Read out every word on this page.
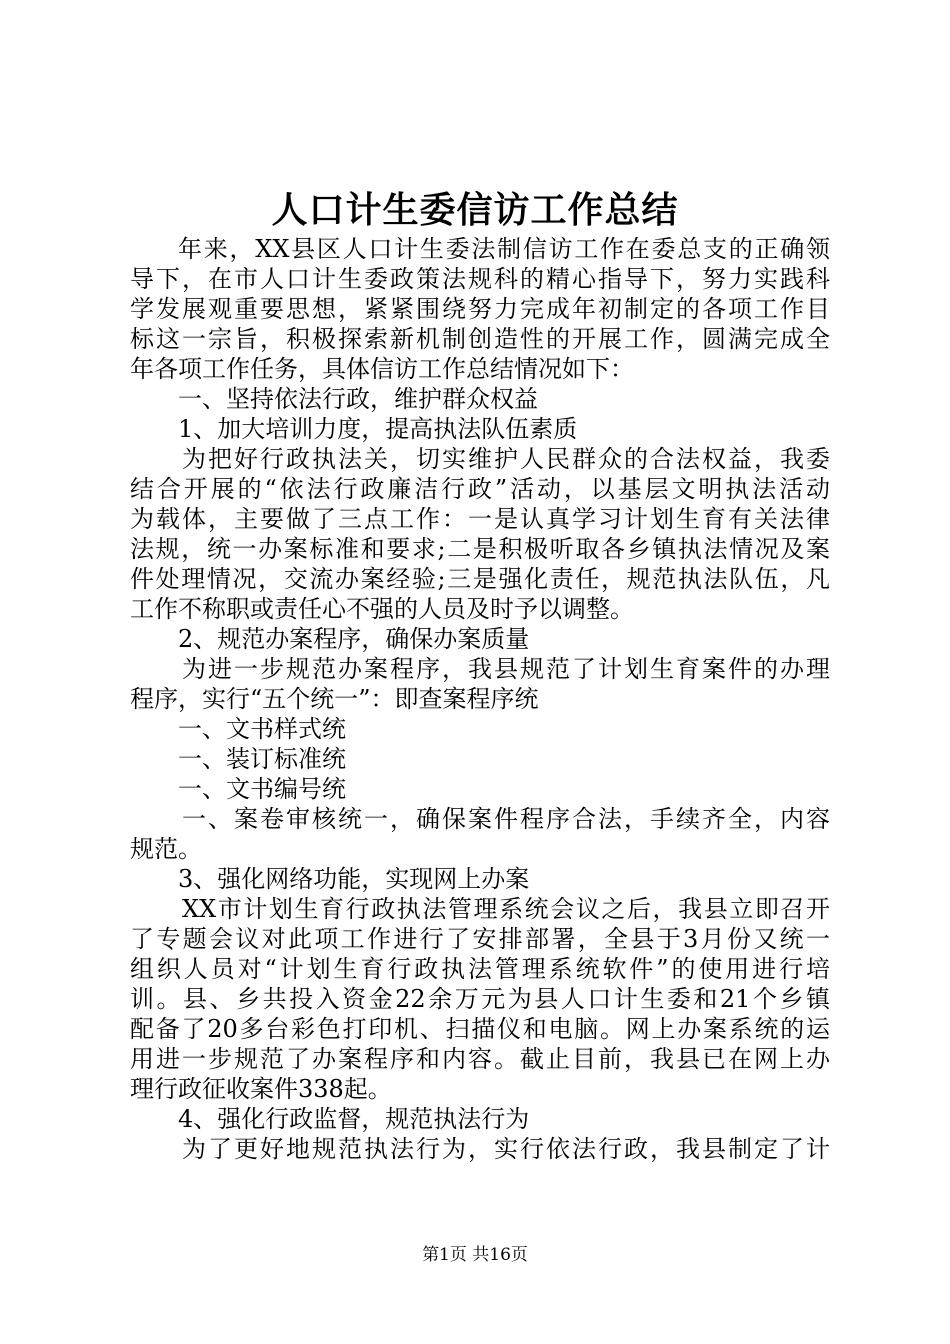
人口计生委信访工作总结
年来，XX县区人口计生委法制信访工作在委总支的正确领
导下，在市人口计生委政策法规科的精心指导下，努力实践科
学发展观重要思想，紧紧围绕努力完成年初制定的各项工作目
标这一宗旨，积极探索新机制创造性的开展工作，圆满完成全
年各项工作任务，具体信访工作总结情况如下：
一、坚持依法行政，维护群众权益
1、加大培训力度，提高执法队伍素质
为把好行政执法关，切实维护人民群众的合法权益，我委
结合开展的“依法行政廉洁行政”活动，以基层文明执法活动
为载体，主要做了三点工作：一是认真学习计划生育有关法律
法规，统一办案标准和要求;二是积极听取各乡镇执法情况及案
件处理情况，交流办案经验;三是强化责任，规范执法队伍，凡
工作不称职或责任心不强的人员及时予以调整。
2、规范办案程序，确保办案质量
为进一步规范办案程序，我县规范了计划生育案件的办理
程序，实行“五个统一”：即查案程序统
一、文书样式统
一、装订标准统
一、文书编号统
一、案卷审核统一，确保案件程序合法，手续齐全，内容
规范。
3、强化网络功能，实现网上办案
XX市计划生育行政执法管理系统会议之后，我县立即召开
了专题会议对此项工作进行了安排部署，全县于3月份又统一
组织人员对“计划生育行政执法管理系统软件”的使用进行培
训。县、乡共投入资金22余万元为县人口计生委和21个乡镇
配备了20多台彩色打印机、扫描仪和电脑。网上办案系统的运
用进一步规范了办案程序和内容。截止目前，我县已在网上办
理行政征收案件338起。
4、强化行政监督，规范执法行为
为了更好地规范执法行为，实行依法行政，我县制定了计
第1页 共16页
